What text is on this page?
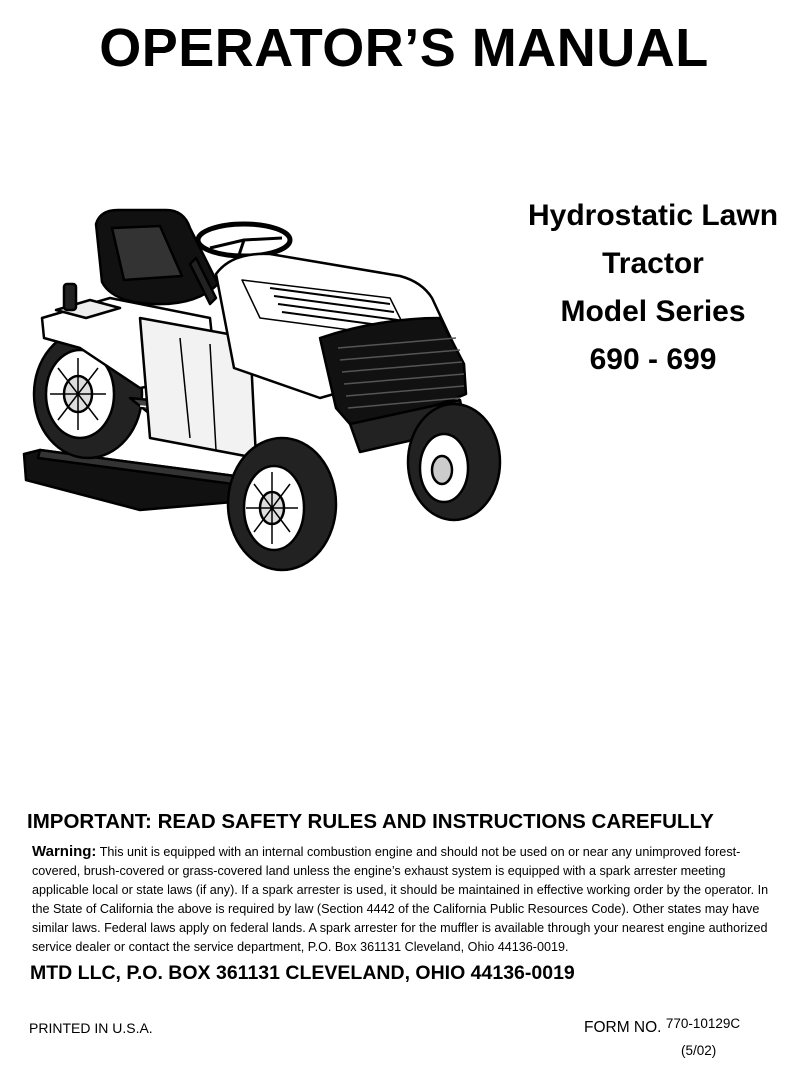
OPERATOR’S MANUAL
Hydrostatic Lawn
Tractor
Model Series
690 - 699
IMPORTANT: READ SAFETY RULES AND INSTRUCTIONS CAREFULLY
Warning: This unit is equipped with an internal combustion engine and should not be used on or near any unimproved forest-covered, brush-covered or grass-covered land unless the engine’s exhaust system is equipped with a spark arrester meeting applicable local or state laws (if any). If a spark arrester is used, it should be maintained in effective working order by the operator. In the State of California the above is required by law (Section 4442 of the California Public Resources Code). Other states may have similar laws. Federal laws apply on federal lands. A spark arrester for the muffler is available through your nearest engine authorized service dealer or contact the service department, P.O. Box 361131 Cleveland, Ohio 44136-0019.
MTD LLC, P.O. BOX 361131 CLEVELAND, OHIO 44136-0019
PRINTED IN U.S.A.	FORM NO. 770-10129C
(5/02)
